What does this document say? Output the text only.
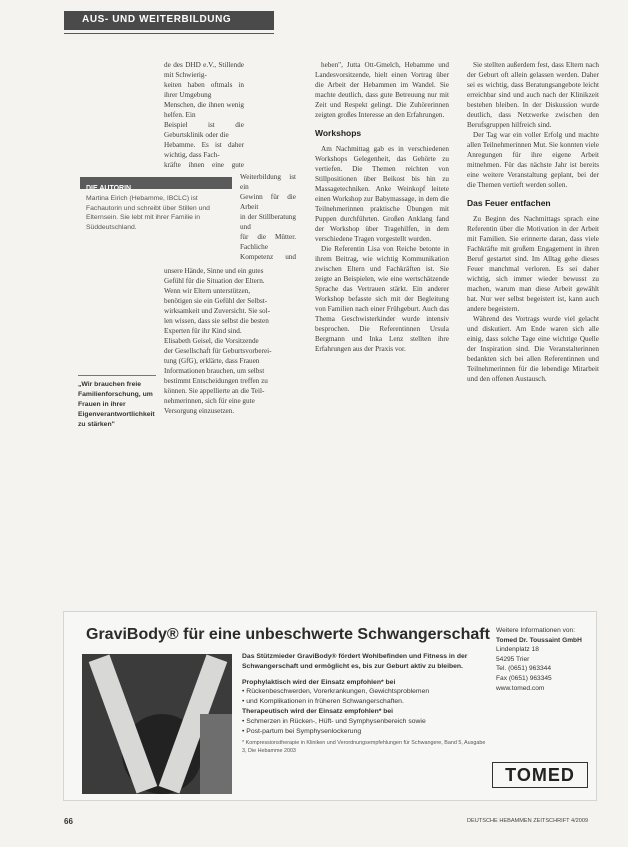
AUS- UND WEITERBILDUNG
de des DHD e.V., Stillende mit Schwierig-
keiten haben oftmals in ihrer Umgebung
Menschen, die ihnen wenig helfen. Ein
Beispiel ist die Geburtsklinik oder die
Hebamme. Es ist daher wichtig, dass Fach-
kräfte ihnen eine gute
DIE AUTORIN
Martina Eirich (Hebamme, IBCLC) ist Fachautorin und schreibt über Stillen und Elternsein. Sie lebt mit ihrer Familie in Süddeutschland.
Weiterbildung ist ein
Gewinn für die Arbeit
in der Stillberatung und
für die Mütter. Fachliche
Kompetenz und
unsere Hände, Sinne und ein gutes
Gefühl für die Situation der Eltern.
Wenn wir Eltern unterstützen,
benötigen sie ein Gefühl der Selbst-
wirksamkeit und Zuversicht. Sie sol-
len wissen, dass sie selbst die besten
Experten für ihr Kind sind.
Elisabeth Geisel, die Vorsitzende
der Gesellschaft für Geburtsvorberei-
tung (GfG), erklärte, dass Frauen
Informationen brauchen, um selbst
bestimmt Entscheidungen treffen zu
können. Sie appellierte an die Teil-
nehmerinnen, sich für eine gute
Versorgung einzusetzen.
„Wir brauchen freie Familienforschung, um Frauen in ihrer Eigenverantwortlichkeit zu stärken"

heben", Jutta Ott-Gmelch, Hebamme und Landesvorsitzende, hielt einen Vortrag über die Arbeit der Hebammen im Wandel. Sie machte deutlich, dass gute Betreuung nur mit Zeit und Respekt gelingt. Die Zuhörerinnen zeigten großes Interesse an den Erfahrungen.

Workshops

Am Nachmittag gab es in verschiedenen Workshops Gelegenheit, das Gehörte zu vertiefen. Die Themen reichten von Stillpositionen über Beikost bis hin zu Massagetechniken. Anke Weinkopf leitete einen Workshop zur Babymassage, in dem die Teilnehmerinnen praktische Übungen mit Puppen durchführten. Großen Anklang fand der Workshop über Tragehilfen, in dem verschiedene Tragen vorgestellt wurden.

Die Referentin Lisa von Reiche betonte in ihrem Beitrag, wie wichtig Kommunikation zwischen Eltern und Fachkräften ist. Sie zeigte an Beispielen, wie eine wertschätzende Sprache das Vertrauen stärkt. Ein anderer Workshop befasste sich mit der Begleitung von Familien nach einer Frühgeburt. Auch das Thema Geschwisterkinder wurde intensiv besprochen. Die Referentinnen Ursula Bergmann und Inka Lenz stellten ihre Erfahrungen aus der Praxis vor.

Sie stellten außerdem fest, dass Eltern nach der Geburt oft allein gelassen werden. Daher sei es wichtig, dass Beratungsangebote leicht erreichbar sind und auch nach der Klinikzeit bestehen bleiben. In der Diskussion wurde deutlich, dass Netzwerke zwischen den Berufsgruppen hilfreich sind.

Der Tag war ein voller Erfolg und machte allen Teilnehmerinnen Mut. Sie konnten viele Anregungen für ihre eigene Arbeit mitnehmen. Für das nächste Jahr ist bereits eine weitere Veranstaltung geplant, bei der die Themen vertieft werden sollen.

Das Feuer entfachen

Zu Beginn des Nachmittags sprach eine Referentin über die Motivation in der Arbeit mit Familien. Sie erinnerte daran, dass viele Fachkräfte mit großem Engagement in ihren Beruf gestartet sind. Im Alltag gehe dieses Feuer manchmal verloren. Es sei daher wichtig, sich immer wieder bewusst zu machen, warum man diese Arbeit gewählt hat. Nur wer selbst begeistert ist, kann auch andere begeistern.

Während des Vortrags wurde viel gelacht und diskutiert. Am Ende waren sich alle einig, dass solche Tage eine wichtige Quelle der Inspiration sind. Die Veranstalterinnen bedankten sich bei allen Referentinnen und Teilnehmerinnen für die lebendige Mitarbeit und den offenen Austausch.

GraviBody® für eine unbeschwerte Schwangerschaft
Das Stützmieder GraviBody® fördert Wohlbefinden und Fitness in der Schwangerschaft und ermöglicht es, bis zur Geburt aktiv zu bleiben.
Prophylaktisch wird der Einsatz empfohlen* bei
• Rückenbeschwerden, Vorerkrankungen, Gewichtsproblemen
• und Komplikationen in früheren Schwangerschaften.
Therapeutisch wird der Einsatz empfohlen* bei
• Schmerzen in Rücken-, Hüft- und Symphysenbereich sowie
• Post-partum bei Symphysenlockerung
* Kompressionstherapie in Kliniken und Verordnungsempfehlungen für Schwangere, Band 5, Ausgabe 3, Die Hebamme 2003
Weitere Informationen von:
Tomed Dr. Toussaint GmbH
Lindenplatz 18
54295 Trier
Tel. (0651) 963344
Fax (0651) 963345
www.tomed.com
TOMED
66	DEUTSCHE HEBAMMEN ZEITSCHRIFT 4/2009
